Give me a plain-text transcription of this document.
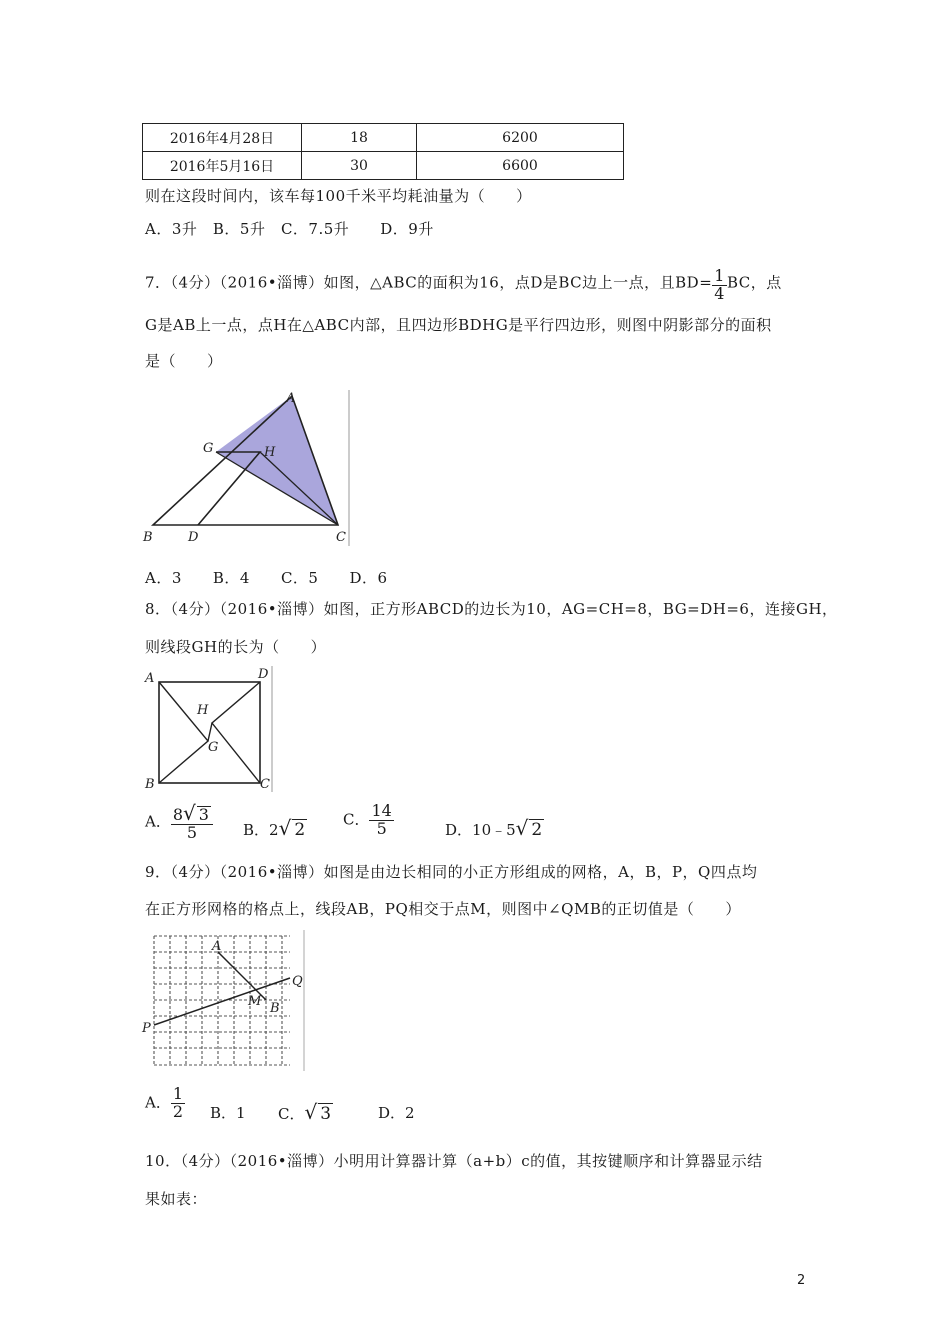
2016年4月28日	18	6200
2016年5月16日	30	6600
则在这段时间内，该车每100千米平均耗油量为（　　）
A．3升　B．5升　C．7.5升　　D．9升
7．（4分）（2016•淄博）如图，△ABC的面积为16，点D是BC边上一点，且$BD= \frac{1}{4}$ BC，点
G是AB上一点，点H在△ABC内部，且四边形BDHG是平行四边形，则图中阴影部分的面积
是（　　）
A
G	H
B	D	C
A．3　　B．4　　C．5　　D．6
8．（4分）（2016•淄博）如图，正方形ABCD的边长为10，AG=CH=8，BG=DH=6，连接GH，
则线段GH的长为（　　）
A	D
H
G
B	C
A． $\frac{8√ 3}{5}$ B．2√ 2
C． $\frac{14}{5}$	D．10﹣5√ 2
9．（4分）（2016•淄博）如图是由边长相同的小正方形组成的网格，A，B，P，Q四点均
在正方形网格的格点上，线段AB，PQ相交于点M，则图中∠QMB的正切值是（　　）
A
Q
M B
P
A． $\frac{1}{2}$ B．1 C．√ 3	D．2
10．（4分）（2016•淄博）小明用计算器计算（a+b）c的值，其按键顺序和计算器显示结
果如表：
2
